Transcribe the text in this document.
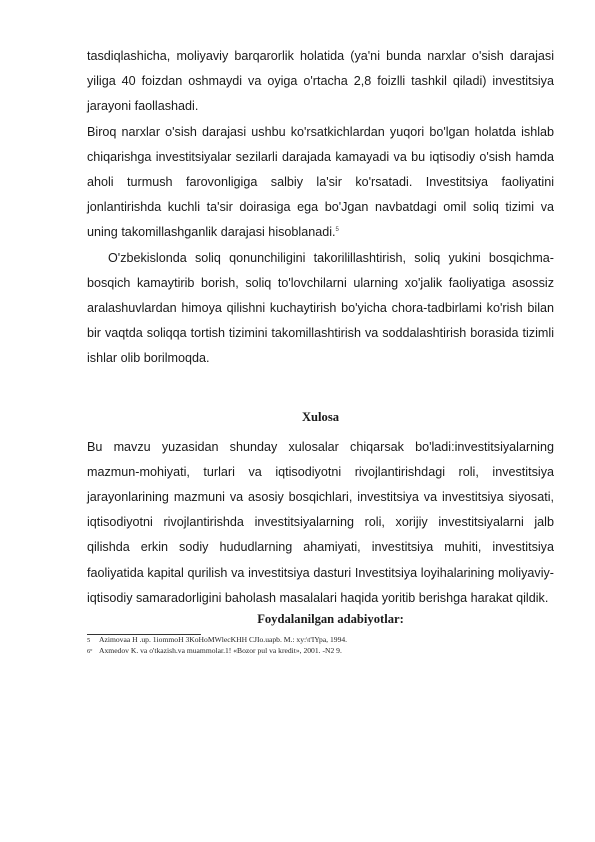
tasdiqlashicha, moliyaviy barqarorlik holatida (ya'ni bunda narxlar o'sish darajasi yiliga 40 foizdan oshmaydi va oyiga o'rtacha 2,8 foizlli tashkil qiladi) investitsiya jarayoni faollashadi.

Biroq narxlar o'sish darajasi ushbu ko'rsatkichlardan yuqori bo'lgan holatda ishlab chiqarishga investitsiyalar sezilarli darajada kamayadi va bu iqtisodiy o'sish hamda aholi turmush farovonligiga salbiy la'sir ko'rsatadi. Investitsiya faoliyatini jonlantirishda kuchli ta'sir doirasiga ega bo'Jgan navbatdagi omil soliq tizimi va uning takomillashganlik darajasi hisoblanadi.$^5$

O'zbekislonda soliq qonunchiligini takorilillashtirish, soliq yukini bosqichma-bosqich kamaytirib borish, soliq to'lovchilarni ularning xo'jalik faoliyatiga asossiz aralashuvlardan himoya qilishni kuchaytirish bo'yicha chora-tadbirlami ko'rish bilan bir vaqtda soliqqa tortish tizimini takomillashtirish va soddalashtirish borasida tizimli ishlar olib borilmoqda.

Xulosa

Bu mavzu yuzasidan shunday xulosalar chiqarsak bo'ladi:investitsiyalarning mazmun-mohiyati, turlari va iqtisodiyotni rivojlantirishdagi roli, investitsiya jarayonlarining mazmuni va asosiy bosqichlari, investitsiya va investitsiya siyosati, iqtisodiyotni rivojlantirishda investitsiyalarning roli, xorijiy investitsiyalarni jalb qilishda erkin sodiy hududlarning ahamiyati, investitsiya muhiti, investitsiya faoliyatida kapital qurilish va investitsiya dasturi Investitsiya loyihalarining moliyaviy-iqtisodiy samaradorligini baholash masalalari haqida yoritib berishga harakat qildik.

Foydalanilgan adabiyotlar:
5 Azimovaa H .up. 1iommoH 3KoHoMWlecKHH CJIo.uapb. M.: xy:\t'IYpa, 1994.
6º Axmedov K. va o'tkazish.va muammolar.1! «Bozor pul va kredit», 2001. -N2 9.
